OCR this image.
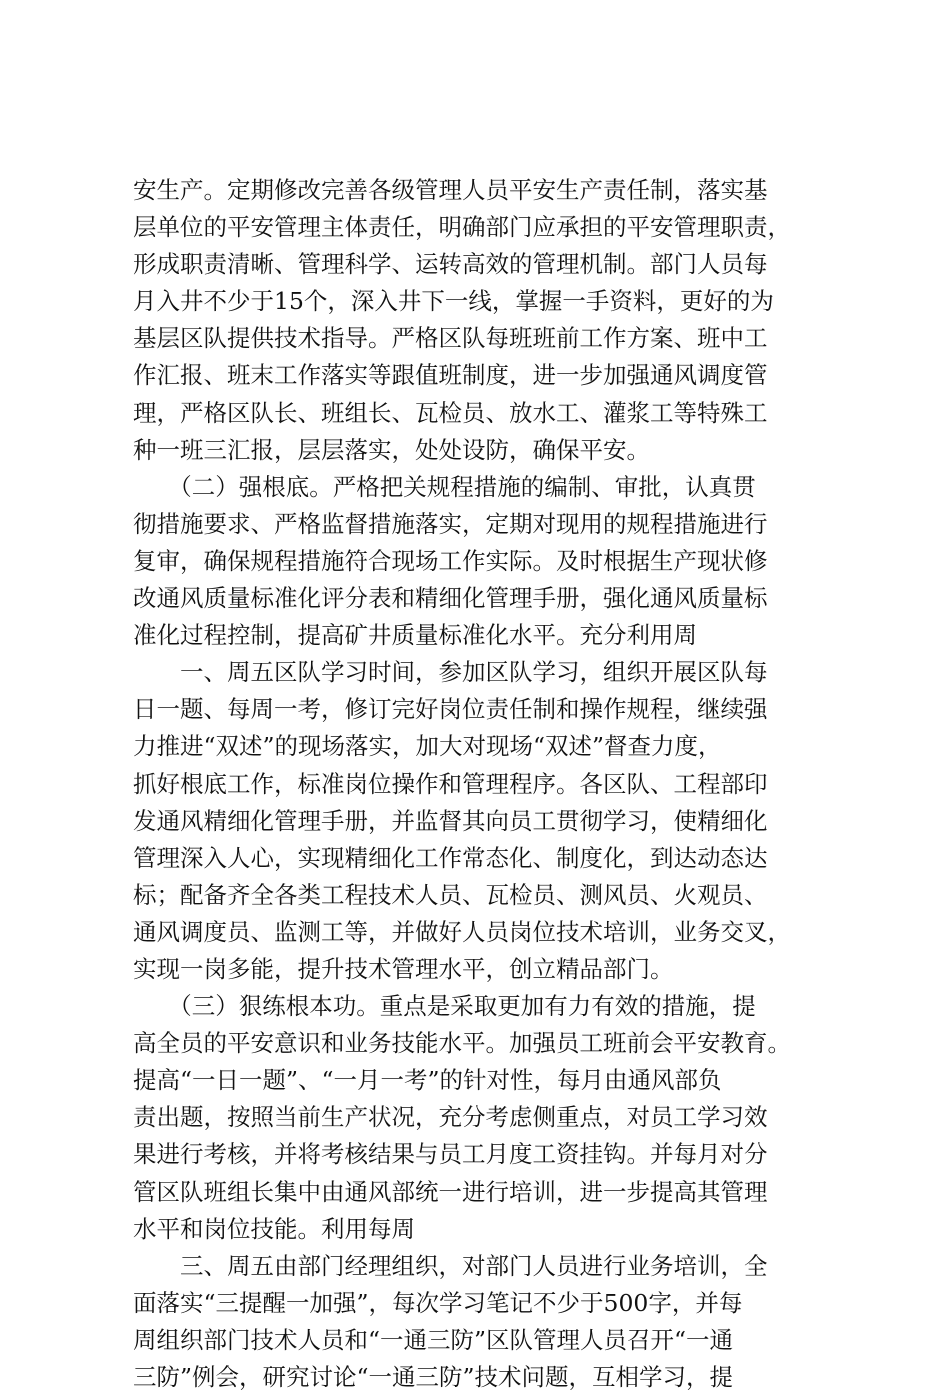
安生产。定期修改完善各级管理人员平安生产责任制，落实基
层单位的平安管理主体责任，明确部门应承担的平安管理职责，
形成职责清晰、管理科学、运转高效的管理机制。部门人员每
月入井不少于15个，深入井下一线，掌握一手资料，更好的为
基层区队提供技术指导。严格区队每班班前工作方案、班中工
作汇报、班末工作落实等跟值班制度，进一步加强通风调度管
理，严格区队长、班组长、瓦检员、放水工、灌浆工等特殊工
种一班三汇报，层层落实，处处设防，确保平安。
　　（二）强根底。严格把关规程措施的编制、审批，认真贯
彻措施要求、严格监督措施落实，定期对现用的规程措施进行
复审，确保规程措施符合现场工作实际。及时根据生产现状修
改通风质量标准化评分表和精细化管理手册，强化通风质量标
准化过程控制，提高矿井质量标准化水平。充分利用周
　　一、周五区队学习时间，参加区队学习，组织开展区队每
日一题、每周一考，修订完好岗位责任制和操作规程，继续强
力推进“双述”的现场落实，加大对现场“双述”督查力度，
抓好根底工作，标准岗位操作和管理程序。各区队、工程部印
发通风精细化管理手册，并监督其向员工贯彻学习，使精细化
管理深入人心，实现精细化工作常态化、制度化，到达动态达
标；配备齐全各类工程技术人员、瓦检员、测风员、火观员、
通风调度员、监测工等，并做好人员岗位技术培训，业务交叉，
实现一岗多能，提升技术管理水平，创立精品部门。
　　（三）狠练根本功。重点是采取更加有力有效的措施，提
高全员的平安意识和业务技能水平。加强员工班前会平安教育。
提高“一日一题”、“一月一考”的针对性，每月由通风部负
责出题，按照当前生产状况，充分考虑侧重点，对员工学习效
果进行考核，并将考核结果与员工月度工资挂钩。并每月对分
管区队班组长集中由通风部统一进行培训，进一步提高其管理
水平和岗位技能。利用每周
　　三、周五由部门经理组织，对部门人员进行业务培训，全
面落实“三提醒一加强”，每次学习笔记不少于500字，并每
周组织部门技术人员和“一通三防”区队管理人员召开“一通
三防”例会，研究讨论“一通三防”技术问题，互相学习，提
